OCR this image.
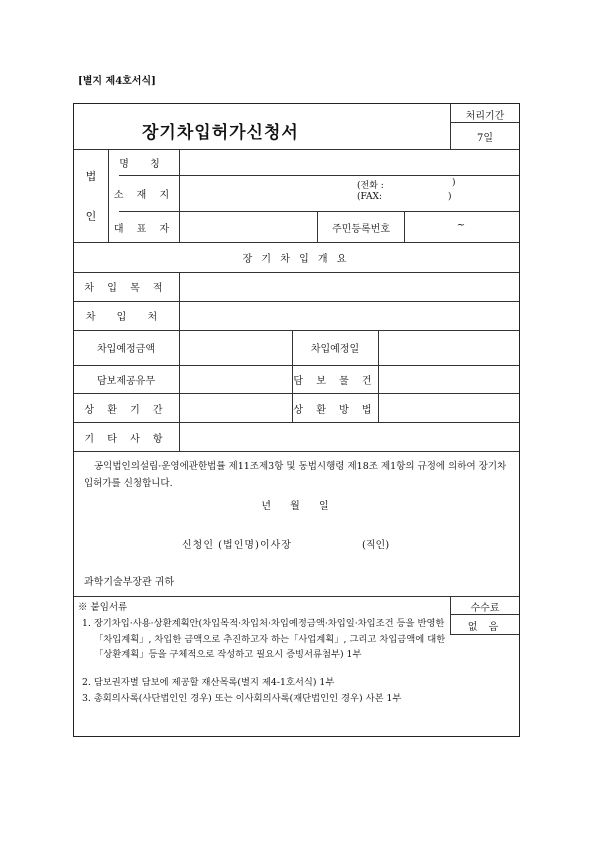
[별지 제4호서식]
장기차입허가신청서
처리기간
7일
법
인
명 칭
소 재 지
(전화 :	)
(FAX:	)
대 표 자	주민등록번호	~
장 기 차 입 개 요
차 입 목 적
차 입 처
차입예정금액	차입예정일
담보제공유무	담 보 물 건
상 환 기 간	상 환 방 법
기 타 사 항
공익법인의설립·운영에관한법률 제11조제3항 및 동법시행령 제18조 제1항의 규정에 의하여 장기차입허가를 신청합니다.
년 월 일
신청인 (법인명)이사장	(직인)
과학기술부장관 귀하
※ 붙임서류
1. 장기차입·사용·상환계획안(차입목적·차입처·차입예정금액·차입일·차입조건 등을 반영한「차입계획」, 차입한 금액으로 추진하고자 하는「사업계획」, 그리고 차입금액에 대한「상환계획」등을 구체적으로 작성하고 필요시 증빙서류첨부) 1부
2. 담보권자별 담보에 제공할 재산목록(별지 제4-1호서식) 1부
3. 총회의사록(사단법인인 경우) 또는 이사회의사록(재단법인인 경우) 사본 1부
수수료
없 음
